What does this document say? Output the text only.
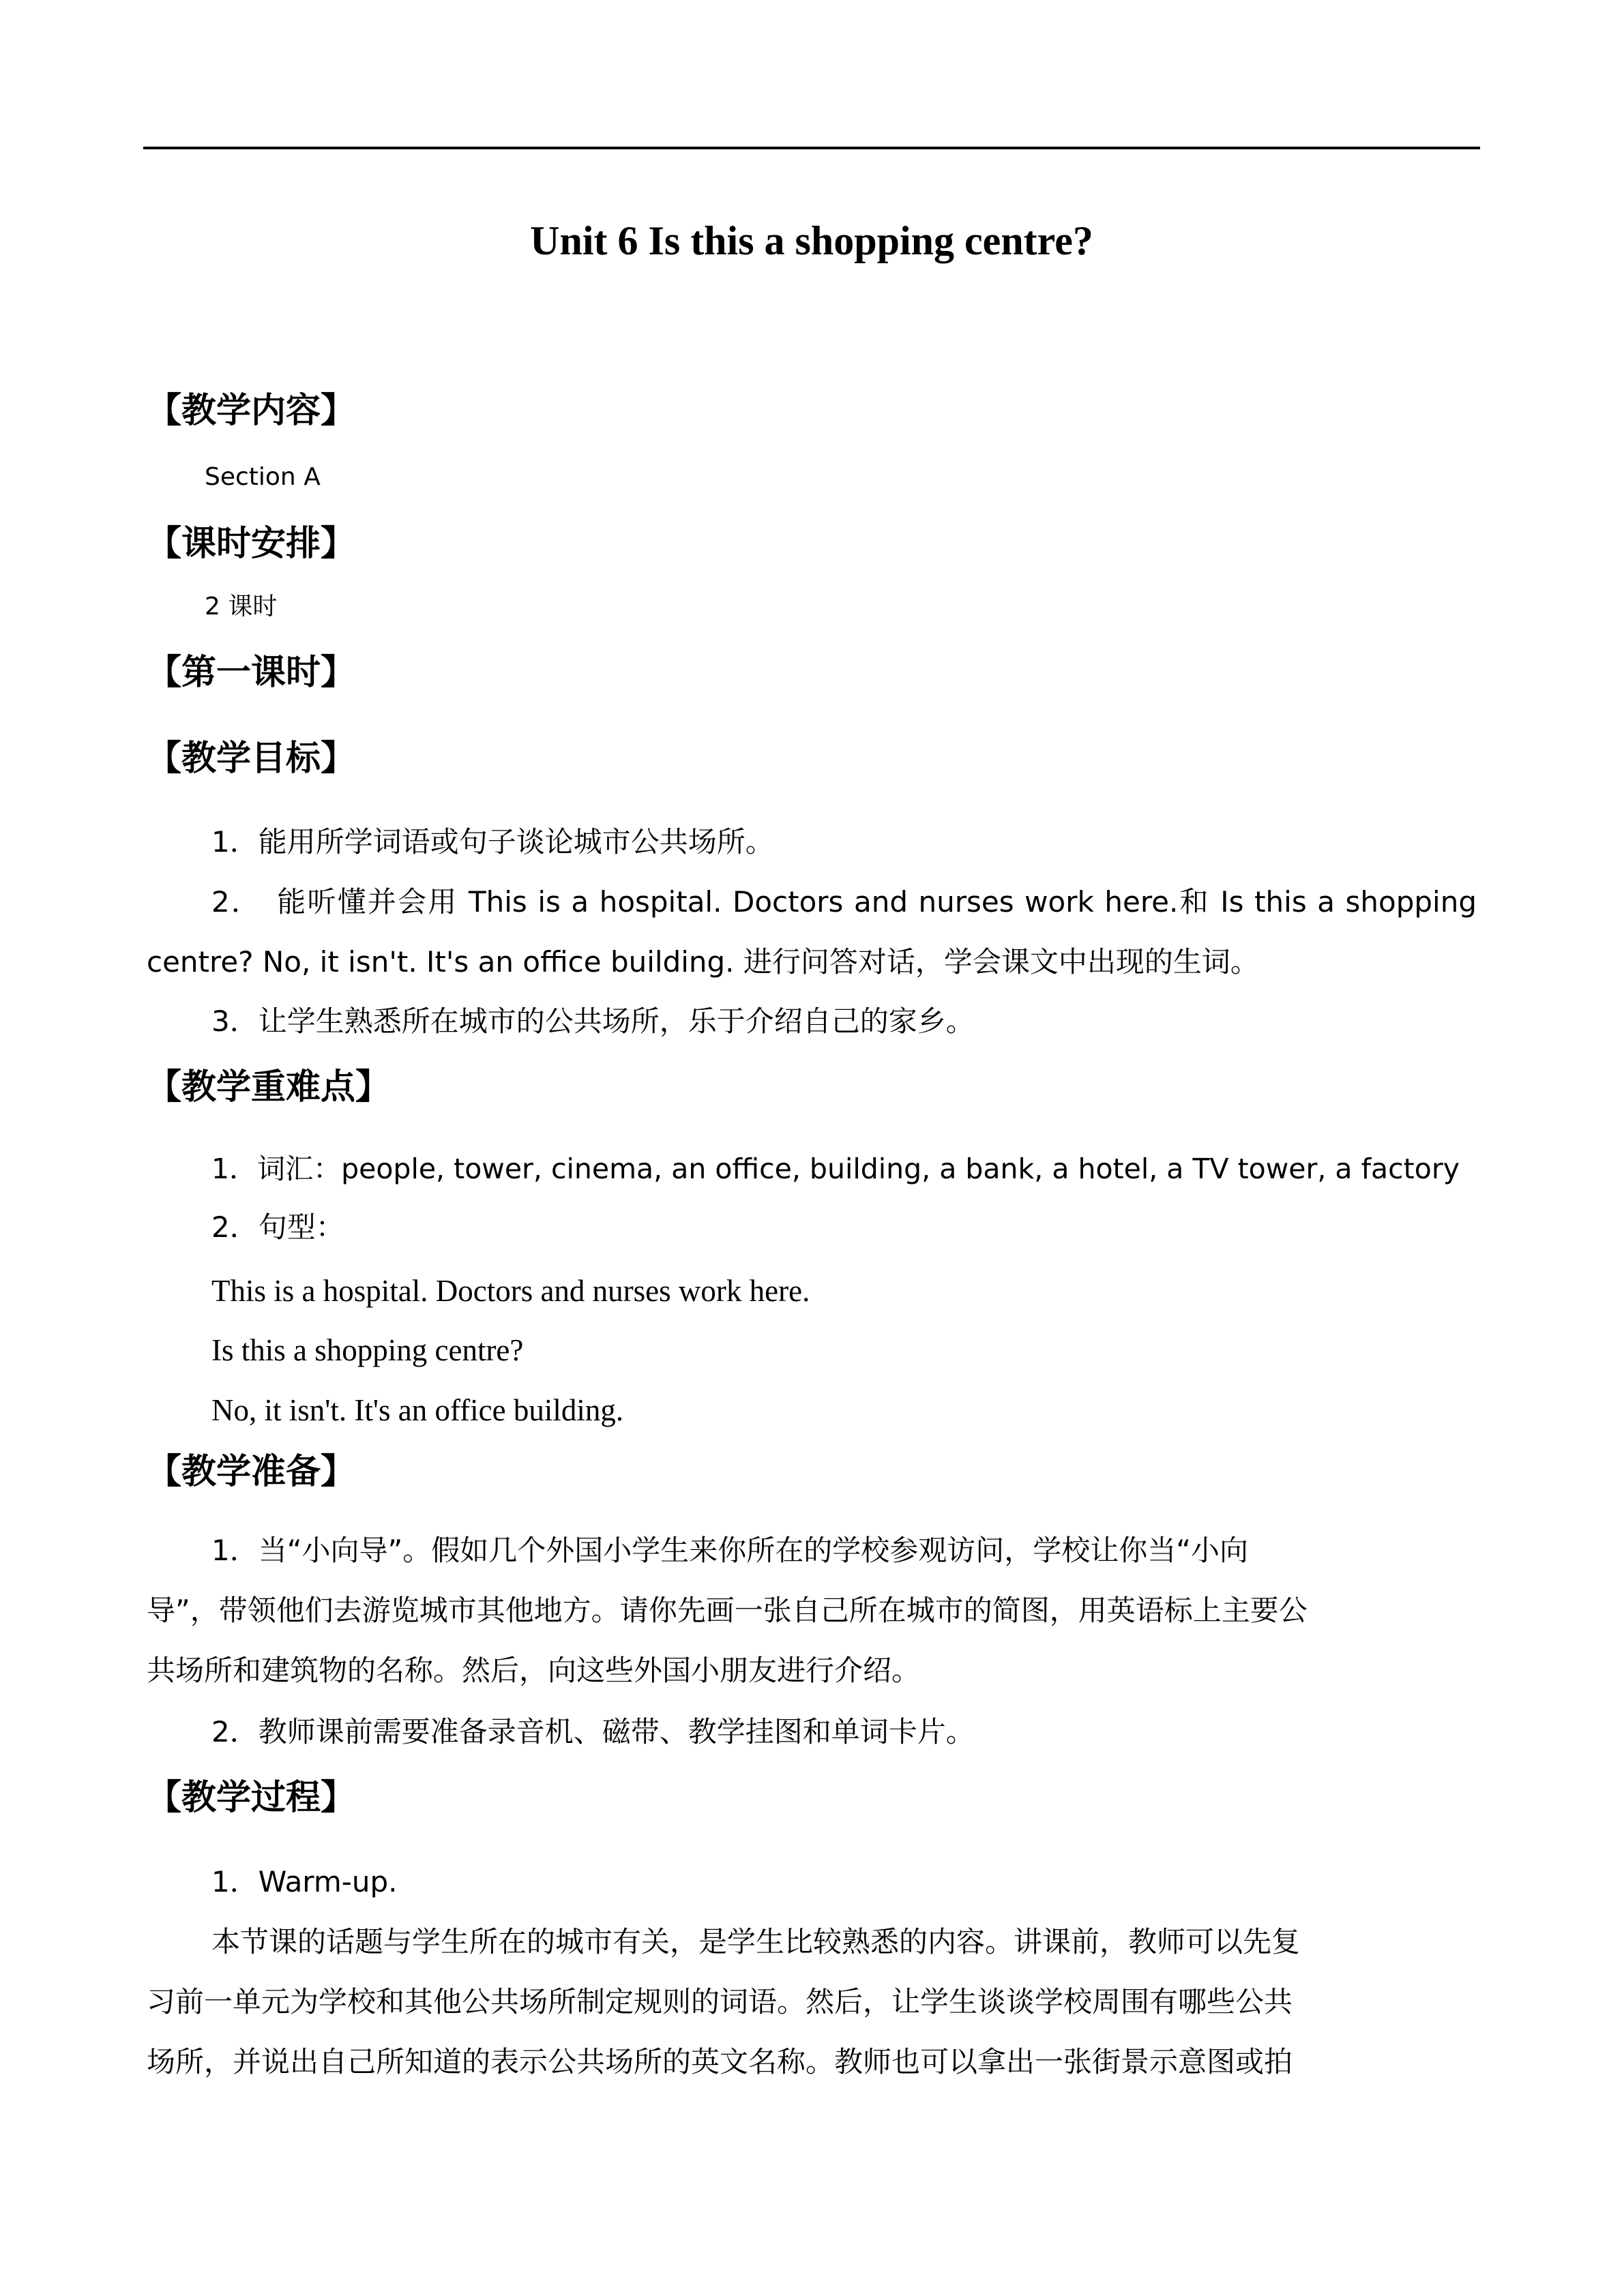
Unit 6 Is this a shopping centre?
【教学内容】
Section A
【课时安排】
2 课时
【第一课时】
【教学目标】
1．能用所学词语或句子谈论城市公共场所。
2．　能听懂并会用 This is a hospital. Doctors and nurses work here.和 Is this a shopping
centre? No, it isn't. It's an office building. 进行问答对话，学会课文中出现的生词。
3．让学生熟悉所在城市的公共场所，乐于介绍自己的家乡。
【教学重难点】
1．词汇：people, tower, cinema, an office, building, a bank, a hotel, a TV tower, a factory
2．句型：
This is a hospital. Doctors and nurses work here.
Is this a shopping centre?
No, it isn't. It's an office building.
【教学准备】
1．当“小向导”。假如几个外国小学生来你所在的学校参观访问，学校让你当“小向
导”，带领他们去游览城市其他地方。请你先画一张自己所在城市的简图，用英语标上主要公
共场所和建筑物的名称。然后，向这些外国小朋友进行介绍。
2．教师课前需要准备录音机、磁带、教学挂图和单词卡片。
【教学过程】
1．Warm-up.
本节课的话题与学生所在的城市有关，是学生比较熟悉的内容。讲课前，教师可以先复
习前一单元为学校和其他公共场所制定规则的词语。然后，让学生谈谈学校周围有哪些公共
场所，并说出自己所知道的表示公共场所的英文名称。教师也可以拿出一张街景示意图或拍
